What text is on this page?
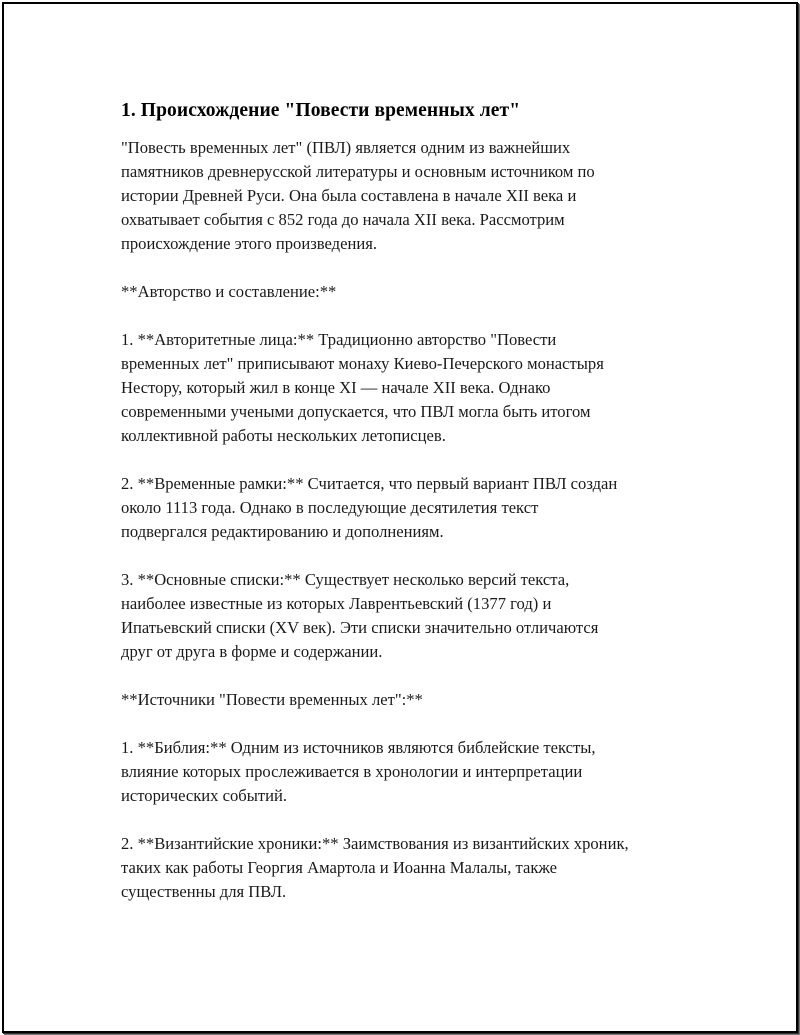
1. Происхождение "Повести временных лет"

"Повесть временных лет" (ПВЛ) является одним из важнейших
памятников древнерусской литературы и основным источником по
истории Древней Руси. Она была составлена в начале XII века и
охватывает события с 852 года до начала XII века. Рассмотрим
происхождение этого произведения.

**Авторство и составление:**

1. **Авторитетные лица:** Традиционно авторство "Повести
временных лет" приписывают монаху Киево-Печерского монастыря
Нестору, который жил в конце XI — начале XII века. Однако
современными учеными допускается, что ПВЛ могла быть итогом
коллективной работы нескольких летописцев.

2. **Временные рамки:** Считается, что первый вариант ПВЛ создан
около 1113 года. Однако в последующие десятилетия текст
подвергался редактированию и дополнениям.

3. **Основные списки:** Существует несколько версий текста,
наиболее известные из которых Лаврентьевский (1377 год) и
Ипатьевский списки (XV век). Эти списки значительно отличаются
друг от друга в форме и содержании.

**Источники "Повести временных лет":**

1. **Библия:** Одним из источников являются библейские тексты,
влияние которых прослеживается в хронологии и интерпретации
исторических событий.

2. **Византийские хроники:** Заимствования из византийских хроник,
таких как работы Георгия Амартола и Иоанна Малалы, также
существенны для ПВЛ.
